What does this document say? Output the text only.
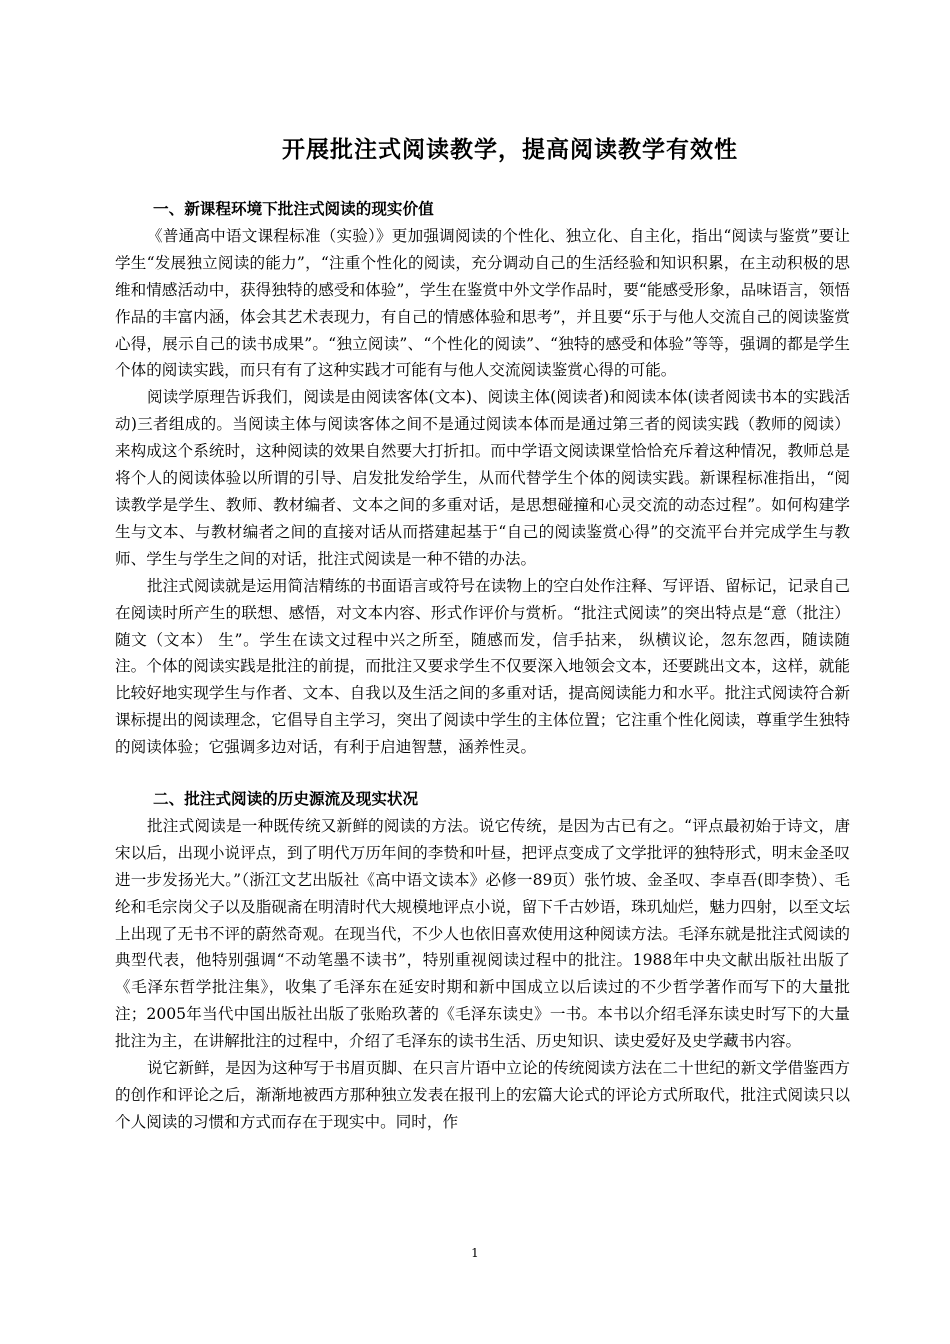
开展批注式阅读教学，提高阅读教学有效性

一、新课程环境下批注式阅读的现实价值

《普通高中语文课程标准（实验）》更加强调阅读的个性化、独立化、自主化，指出“阅读与鉴赏”要让学生“发展独立阅读的能力”，“注重个性化的阅读，充分调动自己的生活经验和知识积累，在主动积极的思维和情感活动中，获得独特的感受和体验”，学生在鉴赏中外文学作品时，要“能感受形象，品味语言，领悟作品的丰富内涵，体会其艺术表现力，有自己的情感体验和思考”，并且要“乐于与他人交流自己的阅读鉴赏心得，展示自己的读书成果”。“独立阅读”、“个性化的阅读”、“独特的感受和体验”等等，强调的都是学生个体的阅读实践，而只有有了这种实践才可能有与他人交流阅读鉴赏心得的可能。

阅读学原理告诉我们，阅读是由阅读客体(文本)、阅读主体(阅读者)和阅读本体(读者阅读书本的实践活动)三者组成的。当阅读主体与阅读客体之间不是通过阅读本体而是通过第三者的阅读实践（教师的阅读）来构成这个系统时，这种阅读的效果自然要大打折扣。而中学语文阅读课堂恰恰充斥着这种情况，教师总是将个人的阅读体验以所谓的引导、启发批发给学生，从而代替学生个体的阅读实践。新课程标准指出，“阅读教学是学生、教师、教材编者、文本之间的多重对话，是思想碰撞和心灵交流的动态过程”。如何构建学生与文本、与教材编者之间的直接对话从而搭建起基于“自己的阅读鉴赏心得”的交流平台并完成学生与教师、学生与学生之间的对话，批注式阅读是一种不错的办法。

批注式阅读就是运用简洁精练的书面语言或符号在读物上的空白处作注释、写评语、留标记，记录自己在阅读时所产生的联想、感悟，对文本内容、形式作评价与赏析。“批注式阅读”的突出特点是“意（批注） 随文（文本） 生”。学生在读文过程中兴之所至，随感而发，信手拈来， 纵横议论，忽东忽西，随读随注。个体的阅读实践是批注的前提，而批注又要求学生不仅要深入地领会文本，还要跳出文本，这样，就能比较好地实现学生与作者、文本、自我以及生活之间的多重对话，提高阅读能力和水平。批注式阅读符合新课标提出的阅读理念，它倡导自主学习，突出了阅读中学生的主体位置；它注重个性化阅读，尊重学生独特的阅读体验；它强调多边对话，有利于启迪智慧，涵养性灵。

二、批注式阅读的历史源流及现实状况

批注式阅读是一种既传统又新鲜的阅读的方法。说它传统，是因为古已有之。“评点最初始于诗文，唐宋以后，出现小说评点，到了明代万历年间的李贽和叶昼，把评点变成了文学批评的独特形式，明末金圣叹进一步发扬光大。”（浙江文艺出版社《高中语文读本》必修一89页）张竹坡、金圣叹、李卓吾(即李贽）、毛纶和毛宗岗父子以及脂砚斋在明清时代大规模地评点小说，留下千古妙语，珠玑灿烂，魅力四射，以至文坛上出现了无书不评的蔚然奇观。在现当代，不少人也依旧喜欢使用这种阅读方法。毛泽东就是批注式阅读的典型代表，他特别强调“不动笔墨不读书”，特别重视阅读过程中的批注。1988年中央文献出版社出版了《毛泽东哲学批注集》，收集了毛泽东在延安时期和新中国成立以后读过的不少哲学著作而写下的大量批注；2005年当代中国出版社出版了张贻玖著的《毛泽东读史》一书。本书以介绍毛泽东读史时写下的大量批注为主，在讲解批注的过程中，介绍了毛泽东的读书生活、历史知识、读史爱好及史学藏书内容。

说它新鲜，是因为这种写于书眉页脚、在只言片语中立论的传统阅读方法在二十世纪的新文学借鉴西方的创作和评论之后，渐渐地被西方那种独立发表在报刊上的宏篇大论式的评论方式所取代，批注式阅读只以个人阅读的习惯和方式而存在于现实中。同时，作

1
